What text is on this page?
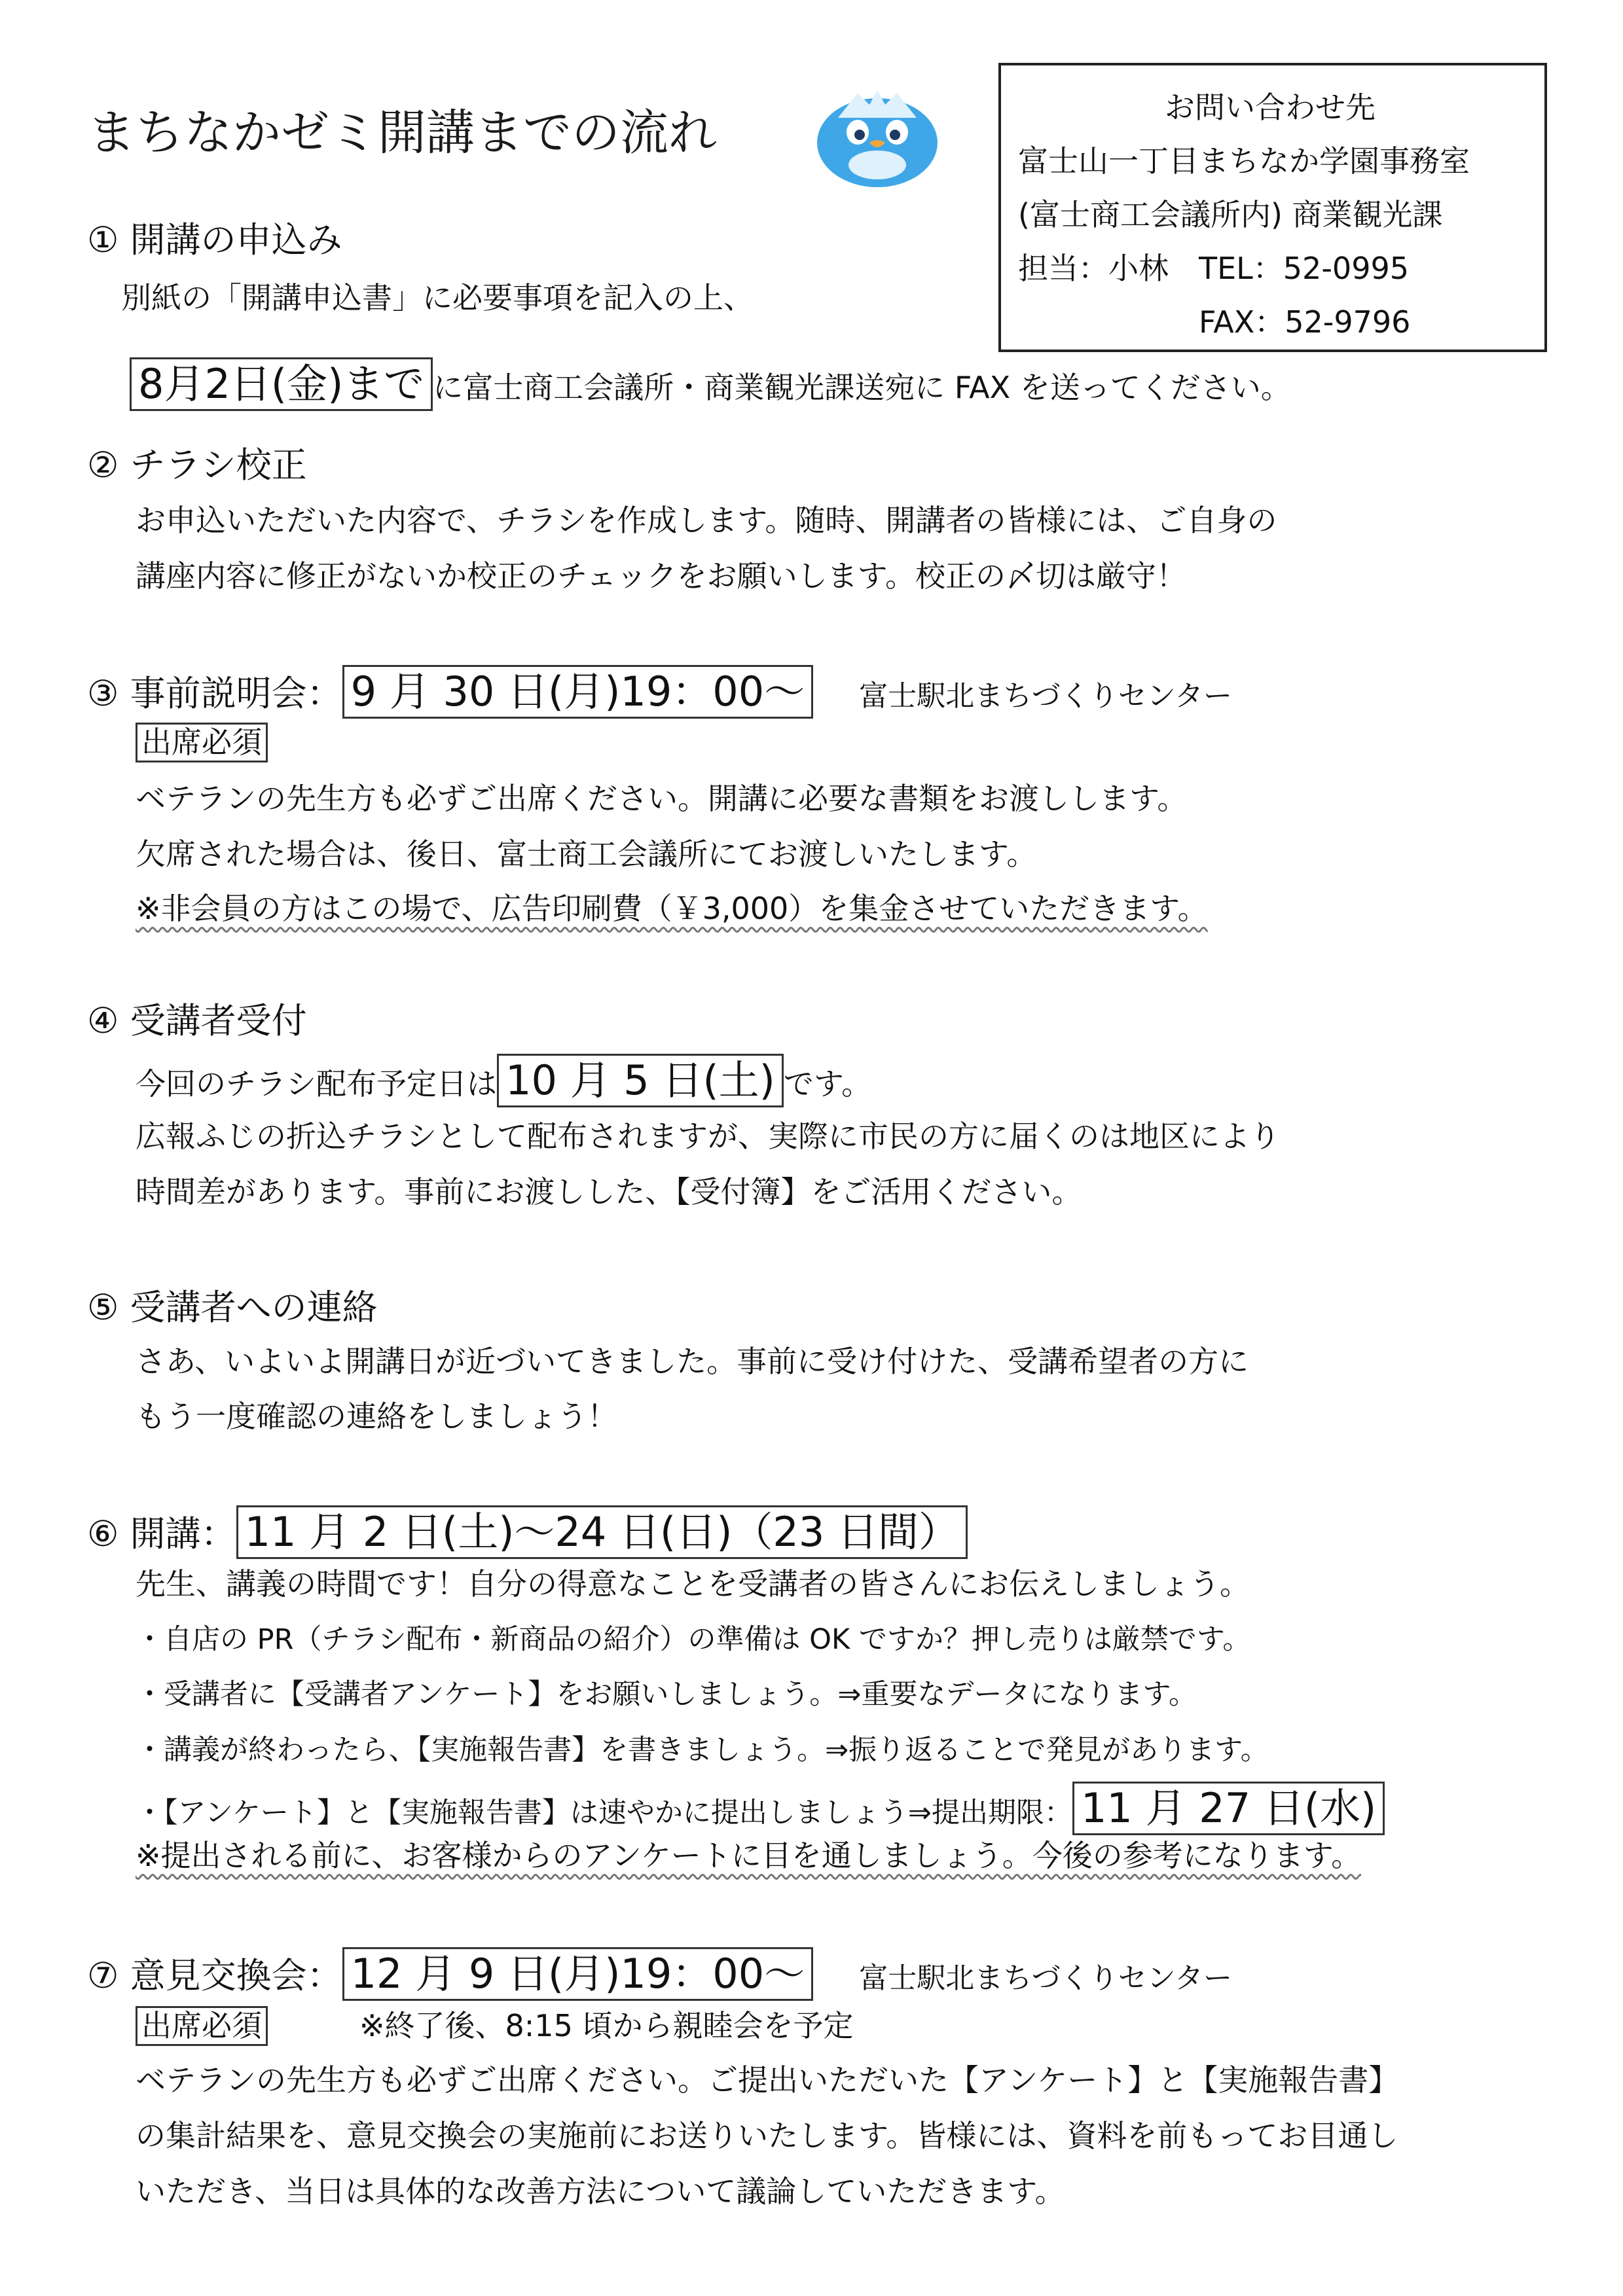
まちなかゼミ開講までの流れ	お問い合わせ先
富士山一丁目まちなか学園事務室
(富士商工会議所内) 商業観光課
担当：小林　TEL：52-0995
FAX：52-9796
① 開講の申込み
別紙の「開講申込書」に必要事項を記入の上、
8月2日(金)まで に富士商工会議所・商業観光課送宛に FAX を送ってください。
② チラシ校正
お申込いただいた内容で、チラシを作成します。随時、開講者の皆様には、ご自身の
講座内容に修正がないか校正のチェックをお願いします。校正の〆切は厳守！
③ 事前説明会： 9 月 30 日(月)19：00～ 富士駅北まちづくりセンター
出席必須
ベテランの先生方も必ずご出席ください。開講に必要な書類をお渡しします。
欠席された場合は、後日、富士商工会議所にてお渡しいたします。
※非会員の方はこの場で、広告印刷費（￥3,000）を集金させていただきます。
④ 受講者受付
今回のチラシ配布予定日は 10 月 5 日(土) です。
広報ふじの折込チラシとして配布されますが、実際に市民の方に届くのは地区により
時間差があります。事前にお渡しした、【受付簿】をご活用ください。
⑤ 受講者への連絡
さあ、いよいよ開講日が近づいてきました。事前に受け付けた、受講希望者の方に
もう一度確認の連絡をしましょう！
⑥ 開講： 11 月 2 日(土)～24 日(日)（23 日間）
先生、講義の時間です！自分の得意なことを受講者の皆さんにお伝えしましょう。
・自店の PR（チラシ配布・新商品の紹介）の準備は OK ですか？押し売りは厳禁です。
・受講者に【受講者アンケート】をお願いしましょう。⇒重要なデータになります。
・講義が終わったら、【実施報告書】を書きましょう。⇒振り返ることで発見があります。
・【アンケート】と【実施報告書】は速やかに提出しましょう⇒提出期限： 11 月 27 日(水)
※提出される前に、お客様からのアンケートに目を通しましょう。今後の参考になります。
⑦ 意見交換会： 12 月 9 日(月)19：00～ 富士駅北まちづくりセンター
出席必須	※終了後、8:15 頃から親睦会を予定
ベテランの先生方も必ずご出席ください。ご提出いただいた【アンケート】と【実施報告書】
の集計結果を、意見交換会の実施前にお送りいたします。皆様には、資料を前もってお目通し
いただき、当日は具体的な改善方法について議論していただきます。
